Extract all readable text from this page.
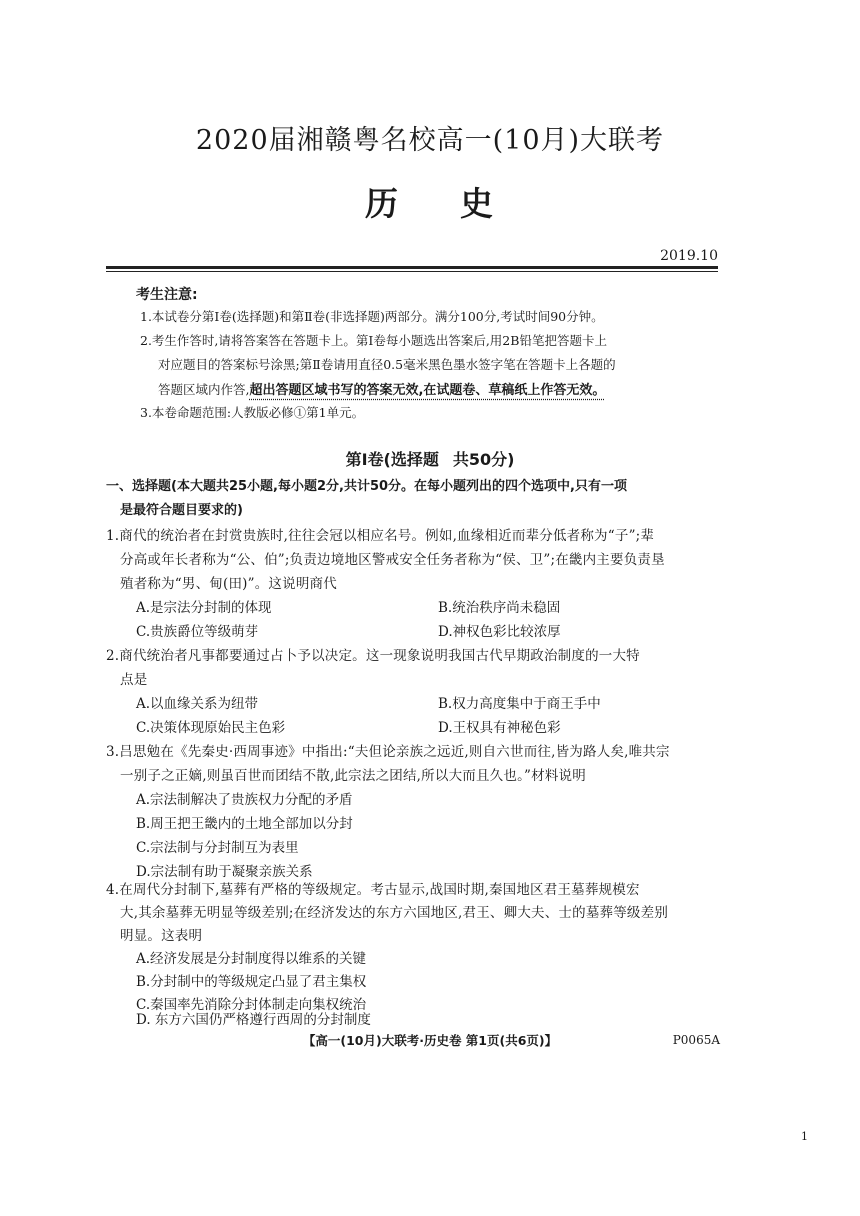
2020届湘赣粤名校高一(10月)大联考
历 史
2019.10
考生注意:
1.本试卷分第Ⅰ卷(选择题)和第Ⅱ卷(非选择题)两部分。满分100分,考试时间90分钟。
2.考生作答时,请将答案答在答题卡上。第Ⅰ卷每小题选出答案后,用2B铅笔把答题卡上
对应题目的答案标号涂黑;第Ⅱ卷请用直径0.5毫米黑色墨水签字笔在答题卡上各题的
答题区域内作答,超出答题区域书写的答案无效,在试题卷、草稿纸上作答无效。
3.本卷命题范围:人教版必修①第1单元。
第Ⅰ卷(选择题 共50分)
一、选择题(本大题共25小题,每小题2分,共计50分。在每小题列出的四个选项中,只有一项
是最符合题目要求的)
1.商代的统治者在封赏贵族时,往往会冠以相应名号。例如,血缘相近而辈分低者称为“子”;辈
分高或年长者称为“公、伯”;负责边境地区警戒安全任务者称为“侯、卫”;在畿内主要负责垦
殖者称为“男、甸(田)”。这说明商代
A.是宗法分封制的体现	B.统治秩序尚未稳固
C.贵族爵位等级萌芽	D.神权色彩比较浓厚
2.商代统治者凡事都要通过占卜予以决定。这一现象说明我国古代早期政治制度的一大特
点是
A.以血缘关系为纽带	B.权力高度集中于商王手中
C.决策体现原始民主色彩	D.王权具有神秘色彩
3.吕思勉在《先秦史·西周事迹》中指出:“夫但论亲族之远近,则自六世而往,皆为路人矣,唯共宗
一别子之正嫡,则虽百世而团结不散,此宗法之团结,所以大而且久也。”材料说明
A.宗法制解决了贵族权力分配的矛盾
B.周王把王畿内的土地全部加以分封
C.宗法制与分封制互为表里
D.宗法制有助于凝聚亲族关系
4.在周代分封制下,墓葬有严格的等级规定。考古显示,战国时期,秦国地区君王墓葬规模宏
大,其余墓葬无明显等级差别;在经济发达的东方六国地区,君王、卿大夫、士的墓葬等级差别
明显。这表明
A.经济发展是分封制度得以维系的关键
B.分封制中的等级规定凸显了君主集权
C.秦国率先消除分封体制走向集权统治
【高一(10月)大联考·历史卷 第1页(共6页)】	P0065A
1
D. 东方六国仍严格遵行西周的分封制度
